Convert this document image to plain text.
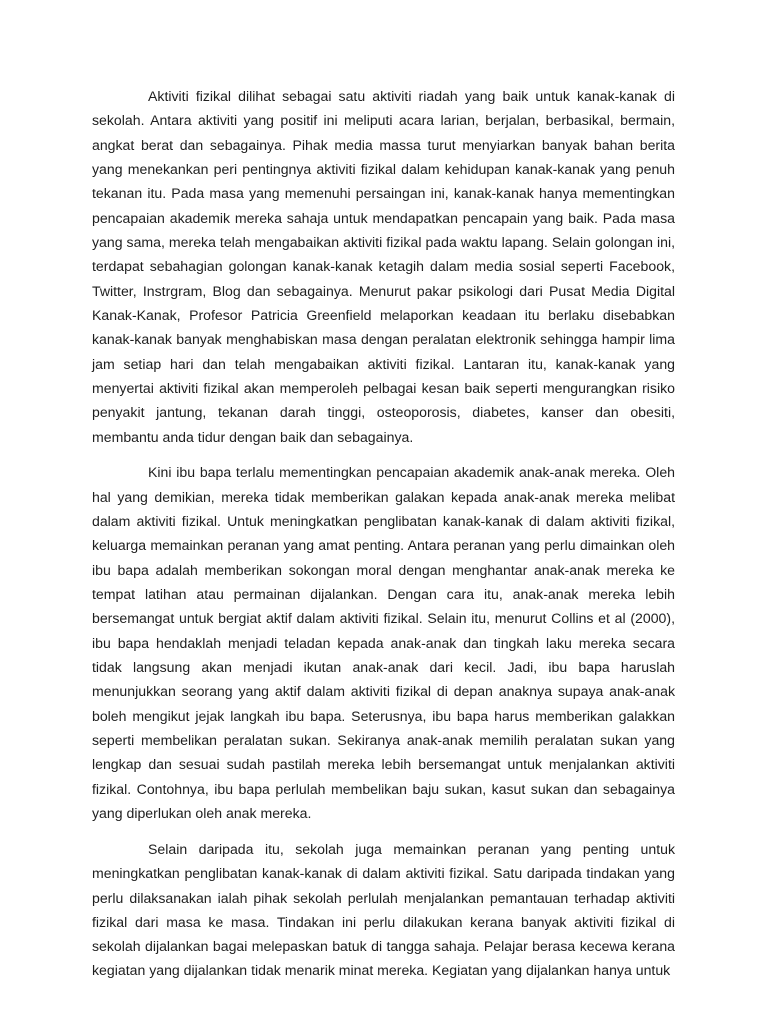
Aktiviti fizikal dilihat sebagai satu aktiviti riadah yang baik untuk kanak-kanak di sekolah. Antara aktiviti yang positif ini meliputi acara larian, berjalan, berbasikal, bermain, angkat berat dan sebagainya. Pihak media massa turut menyiarkan banyak bahan berita yang menekankan peri pentingnya aktiviti fizikal dalam kehidupan kanak-kanak yang penuh tekanan itu. Pada masa yang memenuhi persaingan ini, kanak-kanak hanya mementingkan pencapaian akademik mereka sahaja untuk mendapatkan pencapain yang baik. Pada masa yang sama, mereka telah mengabaikan aktiviti fizikal pada waktu lapang. Selain golongan ini, terdapat sebahagian golongan kanak-kanak ketagih dalam media sosial seperti Facebook, Twitter, Instrgram, Blog dan sebagainya. Menurut pakar psikologi dari Pusat Media Digital Kanak-Kanak, Profesor Patricia Greenfield melaporkan keadaan itu berlaku disebabkan kanak-kanak banyak menghabiskan masa dengan peralatan elektronik sehingga hampir lima jam setiap hari dan telah mengabaikan aktiviti fizikal. Lantaran itu, kanak-kanak yang menyertai aktiviti fizikal akan memperoleh pelbagai kesan baik seperti mengurangkan risiko penyakit jantung, tekanan darah tinggi, osteoporosis, diabetes, kanser dan obesiti, membantu anda tidur dengan baik dan sebagainya.

Kini ibu bapa terlalu mementingkan pencapaian akademik anak-anak mereka. Oleh hal yang demikian, mereka tidak memberikan galakan kepada anak-anak mereka melibat dalam aktiviti fizikal. Untuk meningkatkan penglibatan kanak-kanak di dalam aktiviti fizikal, keluarga memainkan peranan yang amat penting. Antara peranan yang perlu dimainkan oleh ibu bapa adalah memberikan sokongan moral dengan menghantar anak-anak mereka ke tempat latihan atau permainan dijalankan. Dengan cara itu, anak-anak mereka lebih bersemangat untuk bergiat aktif dalam aktiviti fizikal. Selain itu, menurut Collins et al (2000), ibu bapa hendaklah menjadi teladan kepada anak-anak dan tingkah laku mereka secara tidak langsung akan menjadi ikutan anak-anak dari kecil. Jadi, ibu bapa haruslah menunjukkan seorang yang aktif dalam aktiviti fizikal di depan anaknya supaya anak-anak boleh mengikut jejak langkah ibu bapa. Seterusnya, ibu bapa harus memberikan galakkan seperti membelikan peralatan sukan. Sekiranya anak-anak memilih peralatan sukan yang lengkap dan sesuai sudah pastilah mereka lebih bersemangat untuk menjalankan aktiviti fizikal. Contohnya, ibu bapa perlulah membelikan baju sukan, kasut sukan dan sebagainya yang diperlukan oleh anak mereka.

Selain daripada itu, sekolah juga memainkan peranan yang penting untuk meningkatkan penglibatan kanak-kanak di dalam aktiviti fizikal. Satu daripada tindakan yang perlu dilaksanakan ialah pihak sekolah perlulah menjalankan pemantauan terhadap aktiviti fizikal dari masa ke masa. Tindakan ini perlu dilakukan kerana banyak aktiviti fizikal di sekolah dijalankan bagai melepaskan batuk di tangga sahaja. Pelajar berasa kecewa kerana kegiatan yang dijalankan tidak menarik minat mereka. Kegiatan yang dijalankan hanya untuk
